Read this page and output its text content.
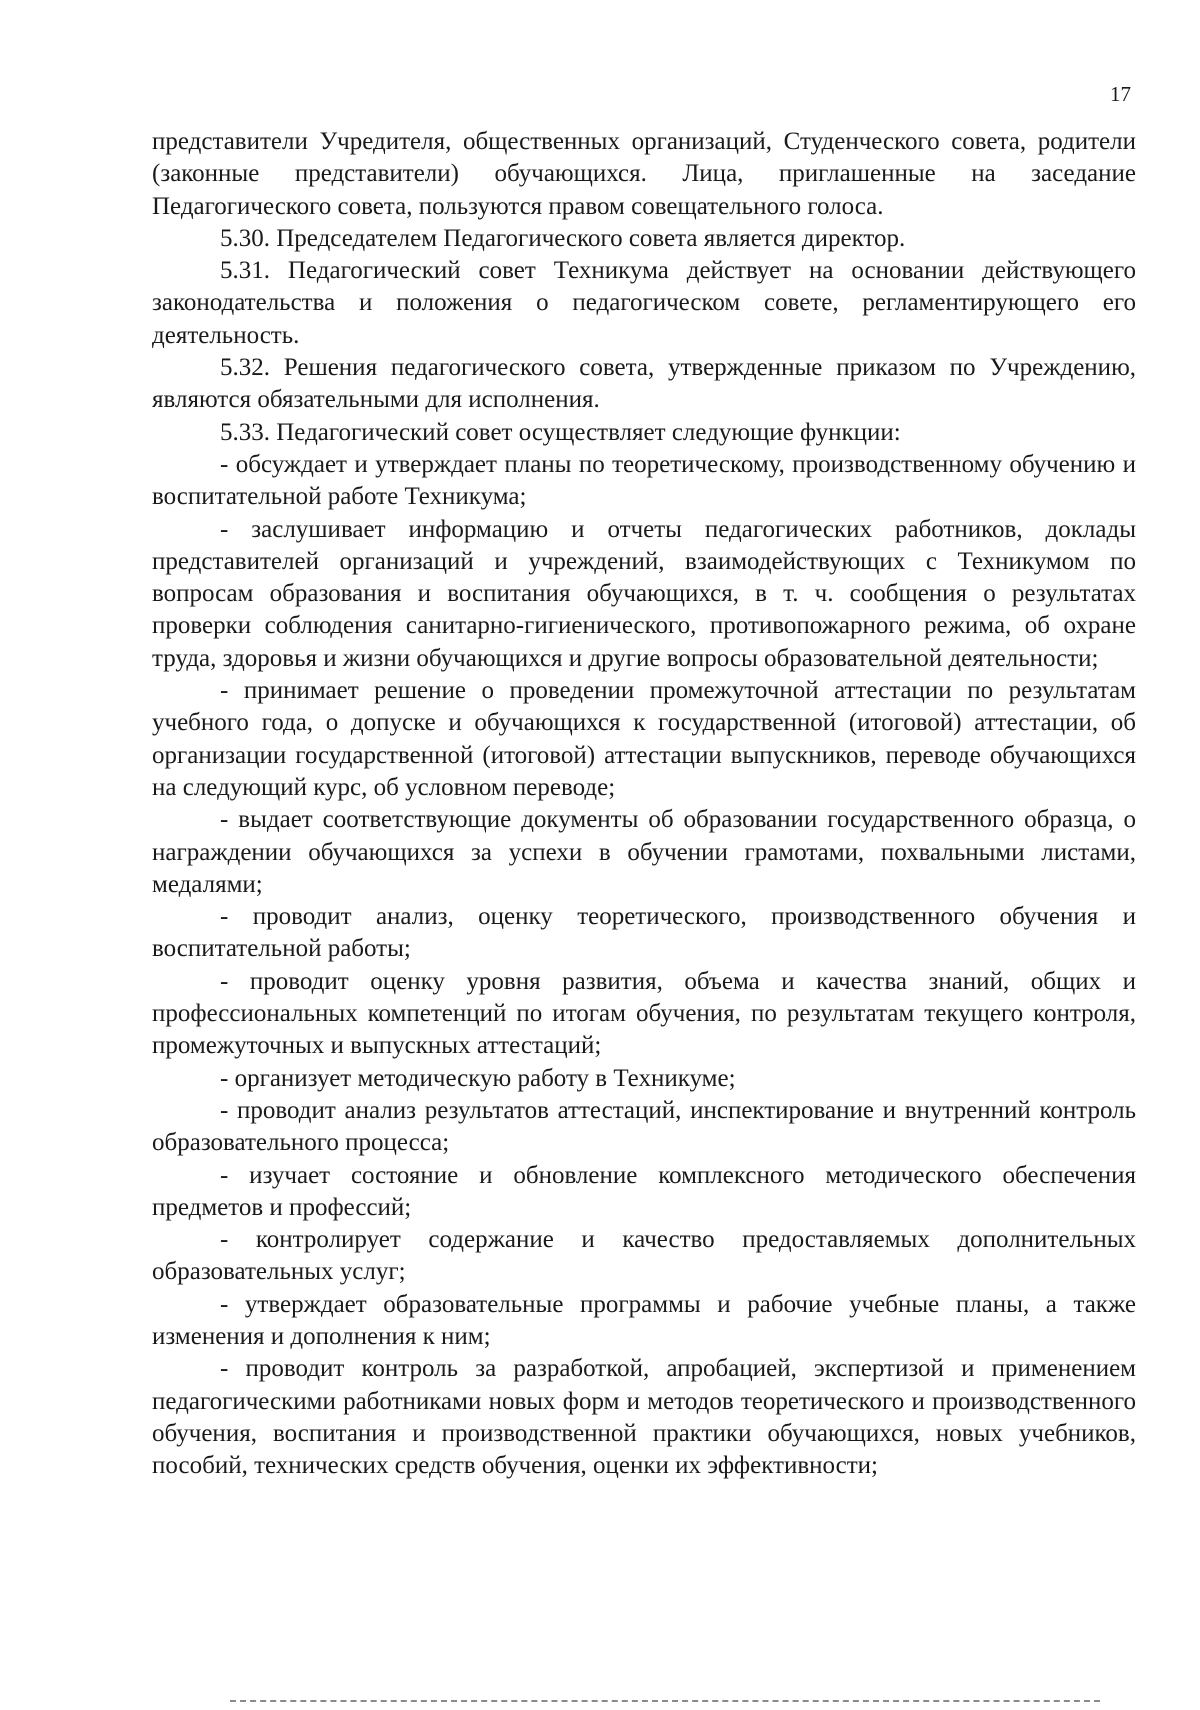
17

представители Учредителя, общественных организаций, Студенческого совета, родители (законные представители) обучающихся. Лица, приглашенные на заседание Педагогического совета, пользуются правом совещательного голоса.

5.30. Председателем Педагогического совета является директор.

5.31. Педагогический совет Техникума действует на основании действующего законодательства и положения о педагогическом совете, регламентирующего его деятельность.

5.32. Решения педагогического совета, утвержденные приказом по Учреждению, являются обязательными для исполнения.

5.33. Педагогический совет осуществляет следующие функции:

- обсуждает и утверждает планы по теоретическому, производственному обучению и воспитательной работе Техникума;

- заслушивает информацию и отчеты педагогических работников, доклады представителей организаций и учреждений, взаимодействующих с Техникумом по вопросам образования и воспитания обучающихся, в т. ч. сообщения о результатах проверки соблюдения санитарно-гигиенического, противопожарного режима, об охране труда, здоровья и жизни обучающихся и другие вопросы образовательной деятельности;

- принимает решение о проведении промежуточной аттестации по результатам учебного года, о допуске и обучающихся к государственной (итоговой) аттестации, об организации государственной (итоговой) аттестации выпускников, переводе обучающихся на следующий курс, об условном переводе;

- выдает соответствующие документы об образовании государственного образца, о награждении обучающихся за успехи в обучении грамотами, похвальными листами, медалями;

- проводит анализ, оценку теоретического, производственного обучения и воспитательной работы;

- проводит оценку уровня развития, объема и качества знаний, общих и профессиональных компетенций по итогам обучения, по результатам текущего контроля, промежуточных и выпускных аттестаций;

- организует методическую работу в Техникуме;

- проводит анализ результатов аттестаций, инспектирование и внутренний контроль образовательного процесса;

- изучает состояние и обновление комплексного методического обеспечения предметов и профессий;

- контролирует содержание и качество предоставляемых дополнительных образовательных услуг;

- утверждает образовательные программы и рабочие учебные планы, а также изменения и дополнения к ним;

- проводит контроль за разработкой, апробацией, экспертизой и применением педагогическими работниками новых форм и методов теоретического и производственного обучения, воспитания и производственной практики обучающихся, новых учебников, пособий, технических средств обучения, оценки их эффективности;
